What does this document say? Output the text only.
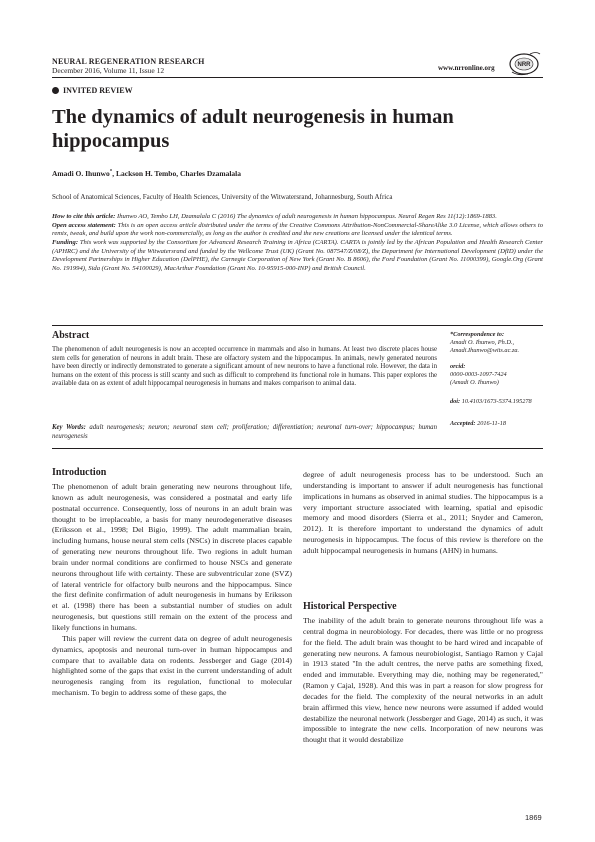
NEURAL REGENERATION RESEARCH
December 2016, Volume 11, Issue 12	www.nrronline.org	NRR
INVITED REVIEW
The dynamics of adult neurogenesis in human hippocampus
Amadi O. Ihunwo*, Lackson H. Tembo, Charles Dzamalala
School of Anatomical Sciences, Faculty of Health Sciences, University of the Witwatersrand, Johannesburg, South Africa

How to cite this article: Ihunwo AO, Tembo LH, Dzamalala C (2016) The dynamics of adult neurogenesis in human hippocampus. Neural Regen Res 11(12):1869-1883.

Open access statement: This is an open access article distributed under the terms of the Creative Commons Attribution-NonCommercial-ShareAlike 3.0 License, which allows others to remix, tweak, and build upon the work non-commercially, as long as the author is credited and the new creations are licensed under the identical terms.

Funding: This work was supported by the Consortium for Advanced Research Training in Africa (CARTA). CARTA is jointly led by the African Population and Health Research Center (APHRC) and the University of the Witwatersrand and funded by the Wellcome Trust (UK) (Grant No. 087547/Z/08/Z), the Department for International Development (DfID) under the Development Partnerships in Higher Education (DelPHE), the Carnegie Corporation of New York (Grant No. B 8606), the Ford Foundation (Grant No. 11000399), Google.Org (Grant No. 191994), Sida (Grant No. 54100029), MacArthur Foundation (Grant No. 10-95915-000-INP) and British Council.

Abstract
The phenomenon of adult neurogenesis is now an accepted occurrence in mammals and also in humans. At least two discrete places house stem cells for generation of neurons in adult brain. These are olfactory system and the hippocampus. In animals, newly generated neurons have been directly or indirectly demonstrated to generate a significant amount of new neurons to have a functional role. However, the data in humans on the extent of this process is still scanty and such as difficult to comprehend its functional role in humans. This paper explores the available data on as extent of adult hippocampal neurogenesis in humans and makes comparison to animal data.
Key Words: adult neurogenesis; neuron; neuronal stem cell; proliferation; differentiation; neuronal turn-over; hippocampus; human neurogenesis
*Correspondence to:
Amadi O. Ihunwo, Ph.D.,
Amadi.Ihunwo@wits.ac.za.
orcid:
0000-0003-1097-7424
(Amadi O. Ihunwo)
doi: 10.4103/1673-5374.195278
Accepted: 2016-11-18
Introduction

The phenomenon of adult brain generating new neurons throughout life, known as adult neurogenesis, was considered a postnatal and early life postnatal occurrence. Consequently, loss of neurons in an adult brain was thought to be irreplaceable, a basis for many neurodegenerative diseases (Eriksson et al., 1998; Del Bigio, 1999). The adult mammalian brain, including humans, house neural stem cells (NSCs) in discrete places capable of generating new neurons throughout life. Two regions in adult human brain under normal conditions are confirmed to house NSCs and generate neurons throughout life with certainty. These are subventricular zone (SVZ) of lateral ventricle for olfactory bulb neurons and the hippocampus. Since the first definite confirmation of adult neurogenesis in humans by Eriksson et al. (1998) there has been a substantial number of studies on adult neurogenesis, but questions still remain on the extent of the process and likely functions in humans.

This paper will review the current data on degree of adult neurogenesis dynamics, apoptosis and neuronal turn-over in human hippocampus and compare that to available data on rodents. Jessberger and Gage (2014) highlighted some of the gaps that exist in the current understanding of adult neurogenesis ranging from its regulation, functional to molecular mechanism. To begin to address some of these gaps, the

degree of adult neurogenesis process has to be understood. Such an understanding is important to answer if adult neurogenesis has functional implications in humans as observed in animal studies. The hippocampus is a very important structure associated with learning, spatial and episodic memory and mood disorders (Sierra et al., 2011; Snyder and Cameron, 2012). It is therefore important to understand the dynamics of adult neurogenesis in hippocampus. The focus of this review is therefore on the adult hippocampal neurogenesis in humans (AHN) in humans.

Historical Perspective

The inability of the adult brain to generate neurons throughout life was a central dogma in neurobiology. For decades, there was little or no progress for the field. The adult brain was thought to be hard wired and incapable of generating new neurons. A famous neurobiologist, Santiago Ramon y Cajal in 1913 stated "In the adult centres, the nerve paths are something fixed, ended and immutable. Everything may die, nothing may be regenerated," (Ramon y Cajal, 1928). And this was in part a reason for slow progress for decades for the field. The complexity of the neural networks in an adult brain affirmed this view, hence new neurons were assumed if added would destabilize the neuronal network (Jessberger and Gage, 2014) as such, it was impossible to integrate the new cells. Incorporation of new neurons was thought that it would destabilize

1869
